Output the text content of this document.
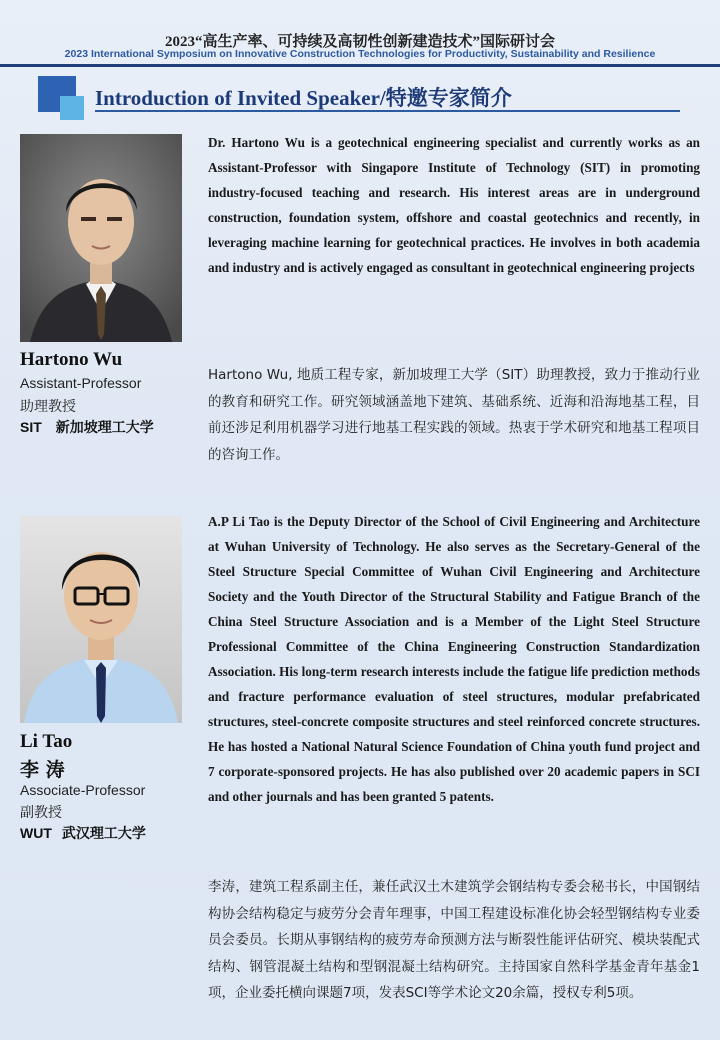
2023“高生产率、可持续及高韧性创新建造技术”国际研讨会
2023 International Symposium on Innovative Construction Technologies for Productivity, Sustainability and Resilience
Introduction of Invited Speaker/特邀专家简介
Hartono Wu
Assistant-Professor
助理教授
SIT 新加坡理工大学

Dr. Hartono Wu is a geotechnical engineering specialist and currently works as an Assistant-Professor with Singapore Institute of Technology (SIT) in promoting industry-focused teaching and research. His interest areas are in underground construction, foundation system, offshore and coastal geotechnics and recently, in leveraging machine learning for geotechnical practices. He involves in both academia and industry and is actively engaged as consultant in geotechnical engineering projects

Hartono Wu, 地质工程专家，新加坡理工大学（SIT）助理教授，致力于推动行业的教育和研究工作。研究领域涵盖地下建筑、基础系统、近海和沿海地基工程，目前还涉足利用机器学习进行地基工程实践的领域。热衷于学术研究和地基工程项目的咨询工作。

Li Tao
李 涛
Associate-Professor
副教授
WUT 武汉理工大学

A.P Li Tao is the Deputy Director of the School of Civil Engineering and Architecture at Wuhan University of Technology. He also serves as the Secretary-General of the Steel Structure Special Committee of Wuhan Civil Engineering and Architecture Society and the Youth Director of the Structural Stability and Fatigue Branch of the China Steel Structure Association and is a Member of the Light Steel Structure Professional Committee of the China Engineering Construction Standardization Association. His long-term research interests include the fatigue life prediction methods and fracture performance evaluation of steel structures, modular prefabricated structures, steel-concrete composite structures and steel reinforced concrete structures. He has hosted a National Natural Science Foundation of China youth fund project and 7 corporate-sponsored projects. He has also published over 20 academic papers in SCI and other journals and has been granted 5 patents.

李涛，建筑工程系副主任，兼任武汉土木建筑学会钢结构专委会秘书长，中国钢结构协会结构稳定与疲劳分会青年理事，中国工程建设标准化协会轻型钢结构专业委员会委员。长期从事钢结构的疲劳寿命预测方法与断裂性能评估研究、模块装配式结构、钢管混凝土结构和型钢混凝土结构研究。主持国家自然科学基金青年基金1项，企业委托横向课题7项，发表SCI等学术论文20余篇，授权专利5项。
